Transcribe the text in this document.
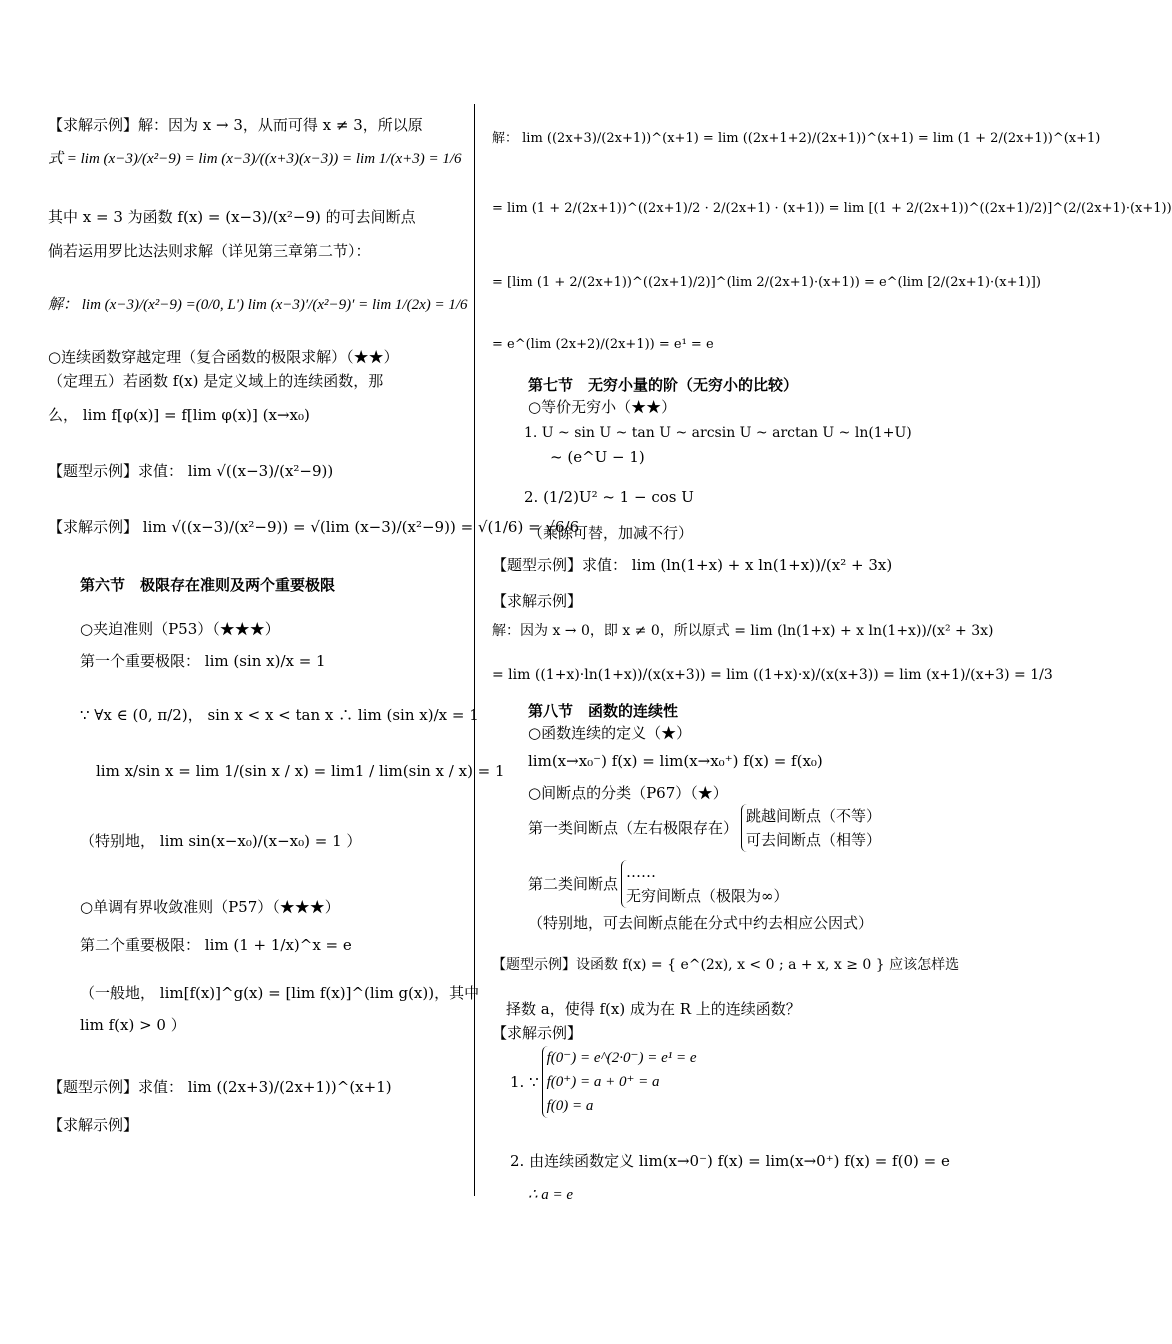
【求解示例】解：因为 x → 3，从而可得 x ≠ 3，所以原
式 = lim (x−3)/(x²−9) = lim (x−3)/((x+3)(x−3)) = lim 1/(x+3) = 1/6
其中 x = 3 为函数 f(x) = (x−3)/(x²−9) 的可去间断点
倘若运用罗比达法则求解（详见第三章第二节）：
解： lim (x−3)/(x²−9) =(0/0, L') lim (x−3)′/(x²−9)′ = lim 1/(2x) = 1/6
○连续函数穿越定理（复合函数的极限求解）（★★）
（定理五）若函数 f(x) 是定义域上的连续函数，那
么， lim f[φ(x)] = f[lim φ(x)] (x→x₀)
【题型示例】求值： lim √((x−3)/(x²−9))
【求解示例】 lim √((x−3)/(x²−9)) = √(lim (x−3)/(x²−9)) = √(1/6) = √6/6
第六节　极限存在准则及两个重要极限
○夹迫准则（P53）（★★★）
第一个重要极限： lim (sin x)/x = 1
∵ ∀x ∈ (0, π/2)， sin x < x < tan x ∴ lim (sin x)/x = 1
lim x/sin x = lim 1/(sin x / x) = lim1 / lim(sin x / x) = 1
（特别地， lim sin(x−x₀)/(x−x₀) = 1 ）
○单调有界收敛准则（P57）（★★★）
第二个重要极限： lim (1 + 1/x)^x = e
（一般地， lim[f(x)]^g(x) = [lim f(x)]^(lim g(x))，其中
lim f(x) > 0 ）
【题型示例】求值： lim ((2x+3)/(2x+1))^(x+1)
【求解示例】
解： lim ((2x+3)/(2x+1))^(x+1) = lim ((2x+1+2)/(2x+1))^(x+1) = lim (1 + 2/(2x+1))^(x+1)
= lim (1 + 2/(2x+1))^((2x+1)/2 · 2/(2x+1) · (x+1)) = lim [(1 + 2/(2x+1))^((2x+1)/2)]^(2/(2x+1)·(x+1))
= [lim (1 + 2/(2x+1))^((2x+1)/2)]^(lim 2/(2x+1)·(x+1)) = e^(lim [2/(2x+1)·(x+1)])
= e^(lim (2x+2)/(2x+1)) = e¹ = e
第七节　无穷小量的阶（无穷小的比较）
○等价无穷小（★★）
1. U ~ sin U ~ tan U ~ arcsin U ~ arctan U ~ ln(1+U)
~ (e^U − 1)
2. (1/2)U² ~ 1 − cos U
（乘除可替，加减不行）
【题型示例】求值： lim (ln(1+x) + x ln(1+x))/(x² + 3x)
【求解示例】
解：因为 x → 0，即 x ≠ 0，所以原式 = lim (ln(1+x) + x ln(1+x))/(x² + 3x)
= lim ((1+x)·ln(1+x))/(x(x+3)) = lim ((1+x)·x)/(x(x+3)) = lim (x+1)/(x+3) = 1/3
第八节　函数的连续性
○函数连续的定义（★）
lim(x→x₀⁻) f(x) = lim(x→x₀⁺) f(x) = f(x₀)
○间断点的分类（P67）（★）
第一类间断点（左右极限存在）
跳越间断点（不等）
可去间断点（相等）
第二类间断点
……
无穷间断点（极限为∞）
（特别地，可去间断点能在分式中约去相应公因式）
【题型示例】设函数 f(x) = { e^(2x), x < 0 ; a + x, x ≥ 0 } 应该怎样选
择数 a，使得 f(x) 成为在 R 上的连续函数？
【求解示例】
1. ∵
f(0⁻) = e^(2·0⁻) = e¹ = e
f(0⁺) = a + 0⁺ = a
f(0) = a
2. 由连续函数定义 lim(x→0⁻) f(x) = lim(x→0⁺) f(x) = f(0) = e
∴ a = e
